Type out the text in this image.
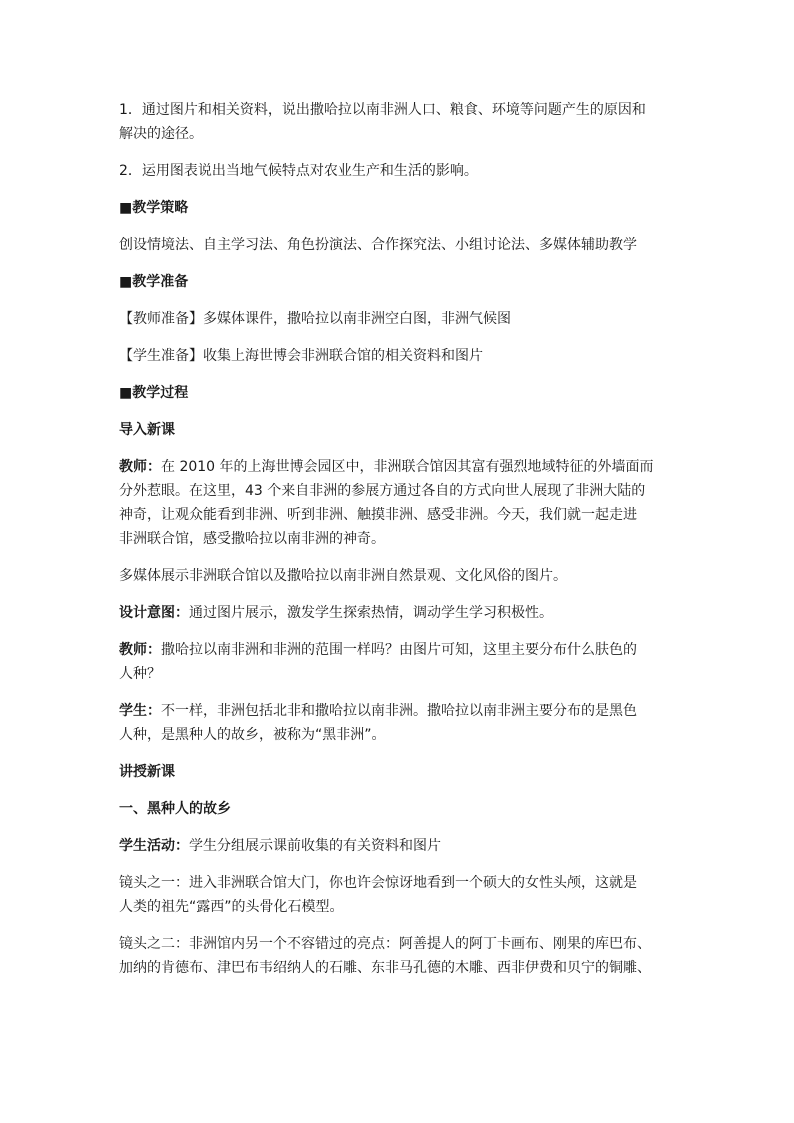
1．通过图片和相关资料，说出撒哈拉以南非洲人口、粮食、环境等问题产生的原因和
解决的途径。

2．运用图表说出当地气候特点对农业生产和生活的影响。

■教学策略

创设情境法、自主学习法、角色扮演法、合作探究法、小组讨论法、多媒体辅助教学

■教学准备

【教师准备】多媒体课件，撒哈拉以南非洲空白图，非洲气候图

【学生准备】收集上海世博会非洲联合馆的相关资料和图片

■教学过程

导入新课

教师：在 2010 年的上海世博会园区中，非洲联合馆因其富有强烈地域特征的外墙面而
分外惹眼。在这里，43 个来自非洲的参展方通过各自的方式向世人展现了非洲大陆的
神奇，让观众能看到非洲、听到非洲、触摸非洲、感受非洲。今天，我们就一起走进
非洲联合馆，感受撒哈拉以南非洲的神奇。

多媒体展示非洲联合馆以及撒哈拉以南非洲自然景观、文化风俗的图片。

设计意图：通过图片展示，激发学生探索热情，调动学生学习积极性。

教师：撒哈拉以南非洲和非洲的范围一样吗？由图片可知，这里主要分布什么肤色的
人种？

学生：不一样，非洲包括北非和撒哈拉以南非洲。撒哈拉以南非洲主要分布的是黑色
人种，是黑种人的故乡，被称为“黑非洲”。

讲授新课

一、黑种人的故乡

学生活动：学生分组展示课前收集的有关资料和图片

镜头之一：进入非洲联合馆大门，你也许会惊讶地看到一个硕大的女性头颅，这就是
人类的祖先“露西”的头骨化石模型。

镜头之二：非洲馆内另一个不容错过的亮点：阿善提人的阿丁卡画布、刚果的库巴布、
加纳的肯德布、津巴布韦绍纳人的石雕、东非马孔德的木雕、西非伊费和贝宁的铜雕、
